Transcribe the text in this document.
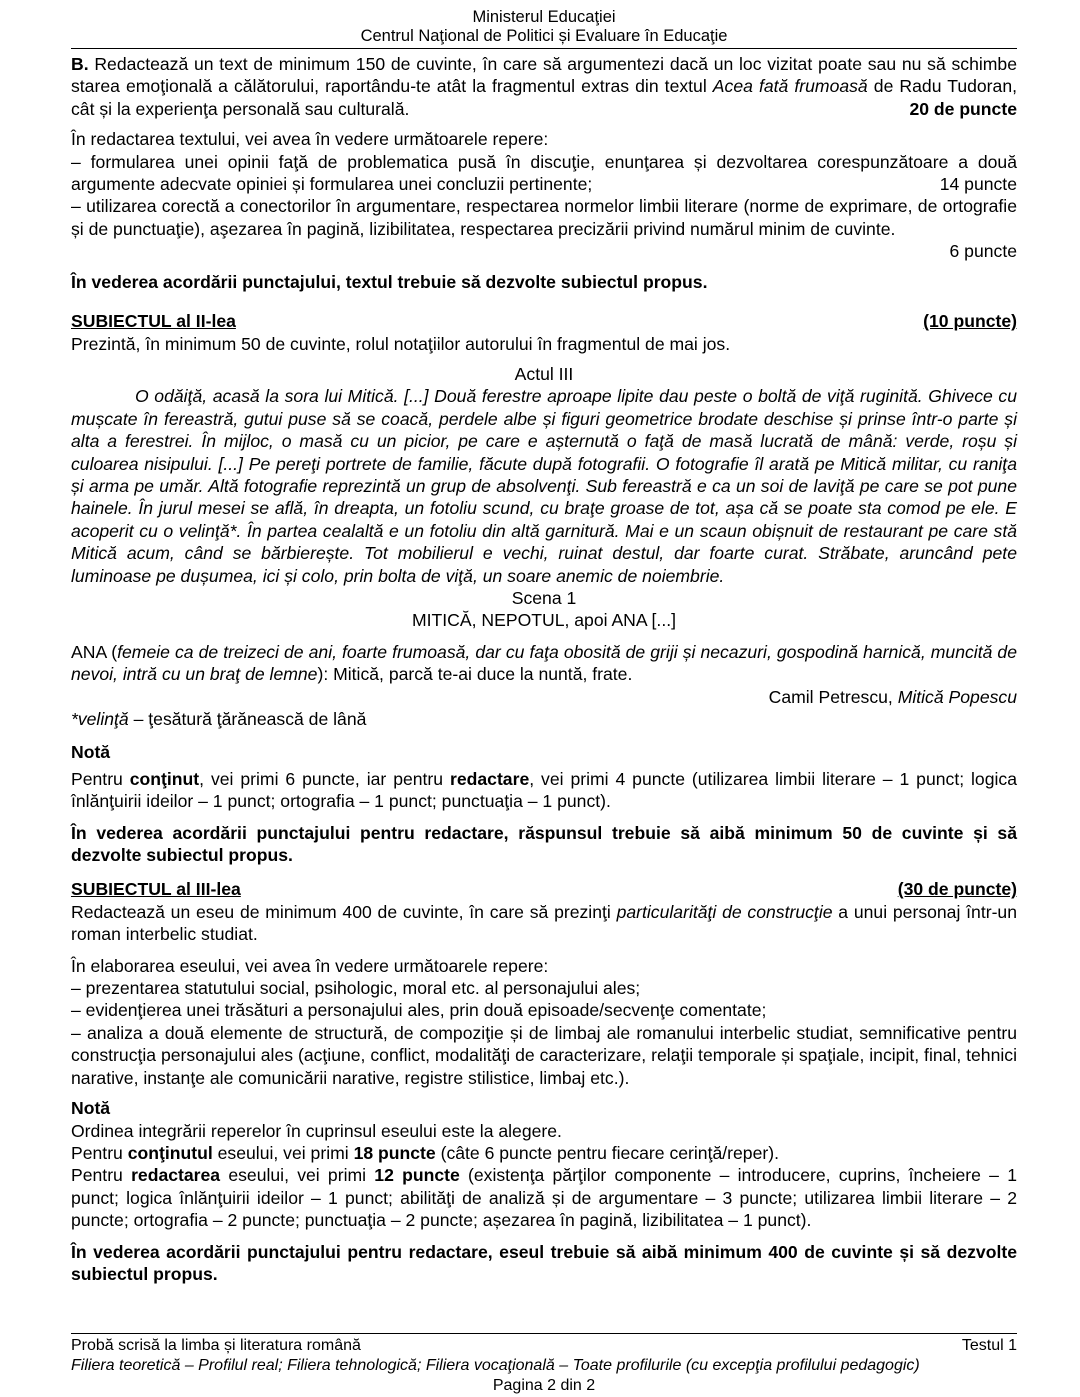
Ministerul Educaţiei
Centrul Naţional de Politici și Evaluare în Educaţie

B. Redactează un text de minimum 150 de cuvinte, în care să argumentezi dacă un loc vizitat poate sau nu să schimbe starea emoţională a călătorului, raportându-te atât la fragmentul extras din textul Acea fată frumoasă de Radu Tudoran, cât și la experienţa personală sau culturală.	20 de puncte

În redactarea textului, vei avea în vedere următoarele repere:

– formularea unei opinii faţă de problematica pusă în discuţie, enunţarea și dezvoltarea corespunzătoare a două argumente adecvate opiniei și formularea unei concluzii pertinente;	14 puncte

– utilizarea corectă a conectorilor în argumentare, respectarea normelor limbii literare (norme de exprimare, de ortografie și de punctuaţie), aşezarea în pagină, lizibilitatea, respectarea precizării privind numărul minim de cuvinte.

6 puncte

În vederea acordării punctajului, textul trebuie să dezvolte subiectul propus.

SUBIECTUL al II-lea	(10 puncte)

Prezintă, în minimum 50 de cuvinte, rolul notaţiilor autorului în fragmentul de mai jos.

Actul III

O odăiţă, acasă la sora lui Mitică. [...] Două ferestre aproape lipite dau peste o boltă de viţă ruginită. Ghivece cu mușcate în fereastră, gutui puse să se coacă, perdele albe și figuri geometrice brodate deschise și prinse într-o parte și alta a ferestrei. În mijloc, o masă cu un picior, pe care e așternută o faţă de masă lucrată de mână: verde, roșu și culoarea nisipului. [...] Pe pereţi portrete de familie, făcute după fotografii. O fotografie îl arată pe Mitică militar, cu raniţa și arma pe umăr. Altă fotografie reprezintă un grup de absolvenţi. Sub fereastră e ca un soi de laviţă pe care se pot pune hainele. În jurul mesei se află, în dreapta, un fotoliu scund, cu braţe groase de tot, așa că se poate sta comod pe ele. E acoperit cu o velinţă*. În partea cealaltă e un fotoliu din altă garnitură. Mai e un scaun obișnuit de restaurant pe care stă Mitică acum, când se bărbierește. Tot mobilierul e vechi, ruinat destul, dar foarte curat. Străbate, aruncând pete luminoase pe dușumea, ici și colo, prin bolta de viţă, un soare anemic de noiembrie.

Scena 1

MITICĂ, NEPOTUL, apoi ANA [...]

ANA (femeie ca de treizeci de ani, foarte frumoasă, dar cu faţa obosită de griji și necazuri, gospodină harnică, muncită de nevoi, intră cu un braţ de lemne): Mitică, parcă te-ai duce la nuntă, frate.

Camil Petrescu, Mitică Popescu

*velinţă – ţesătură ţărănească de lână

Notă

Pentru conţinut, vei primi 6 puncte, iar pentru redactare, vei primi 4 puncte (utilizarea limbii literare – 1 punct; logica înlănţuirii ideilor – 1 punct; ortografia – 1 punct; punctuaţia – 1 punct).

În vederea acordării punctajului pentru redactare, răspunsul trebuie să aibă minimum 50 de cuvinte și să dezvolte subiectul propus.

SUBIECTUL al III-lea	(30 de puncte)

Redactează un eseu de minimum 400 de cuvinte, în care să prezinţi particularităţi de construcţie a unui personaj într-un roman interbelic studiat.

În elaborarea eseului, vei avea în vedere următoarele repere:

– prezentarea statutului social, psihologic, moral etc. al personajului ales;

– evidenţierea unei trăsături a personajului ales, prin două episoade/secvenţe comentate;

– analiza a două elemente de structură, de compoziţie și de limbaj ale romanului interbelic studiat, semnificative pentru construcţia personajului ales (acţiune, conflict, modalităţi de caracterizare, relaţii temporale și spaţiale, incipit, final, tehnici narative, instanţe ale comunicării narative, registre stilistice, limbaj etc.).

Notă

Ordinea integrării reperelor în cuprinsul eseului este la alegere.

Pentru conţinutul eseului, vei primi 18 puncte (câte 6 puncte pentru fiecare cerinţă/reper).

Pentru redactarea eseului, vei primi 12 puncte (existenţa părţilor componente – introducere, cuprins, încheiere – 1 punct; logica înlănţuirii ideilor – 1 punct; abilităţi de analiză și de argumentare – 3 puncte; utilizarea limbii literare – 2 puncte; ortografia – 2 puncte; punctuaţia – 2 puncte; așezarea în pagină, lizibilitatea – 1 punct).

În vederea acordării punctajului pentru redactare, eseul trebuie să aibă minimum 400 de cuvinte și să dezvolte subiectul propus.

Probă scrisă la limba și literatura română	Testul 1
Filiera teoretică – Profilul real; Filiera tehnologică; Filiera vocaţională – Toate profilurile (cu excepţia profilului pedagogic)
Pagina 2 din 2
